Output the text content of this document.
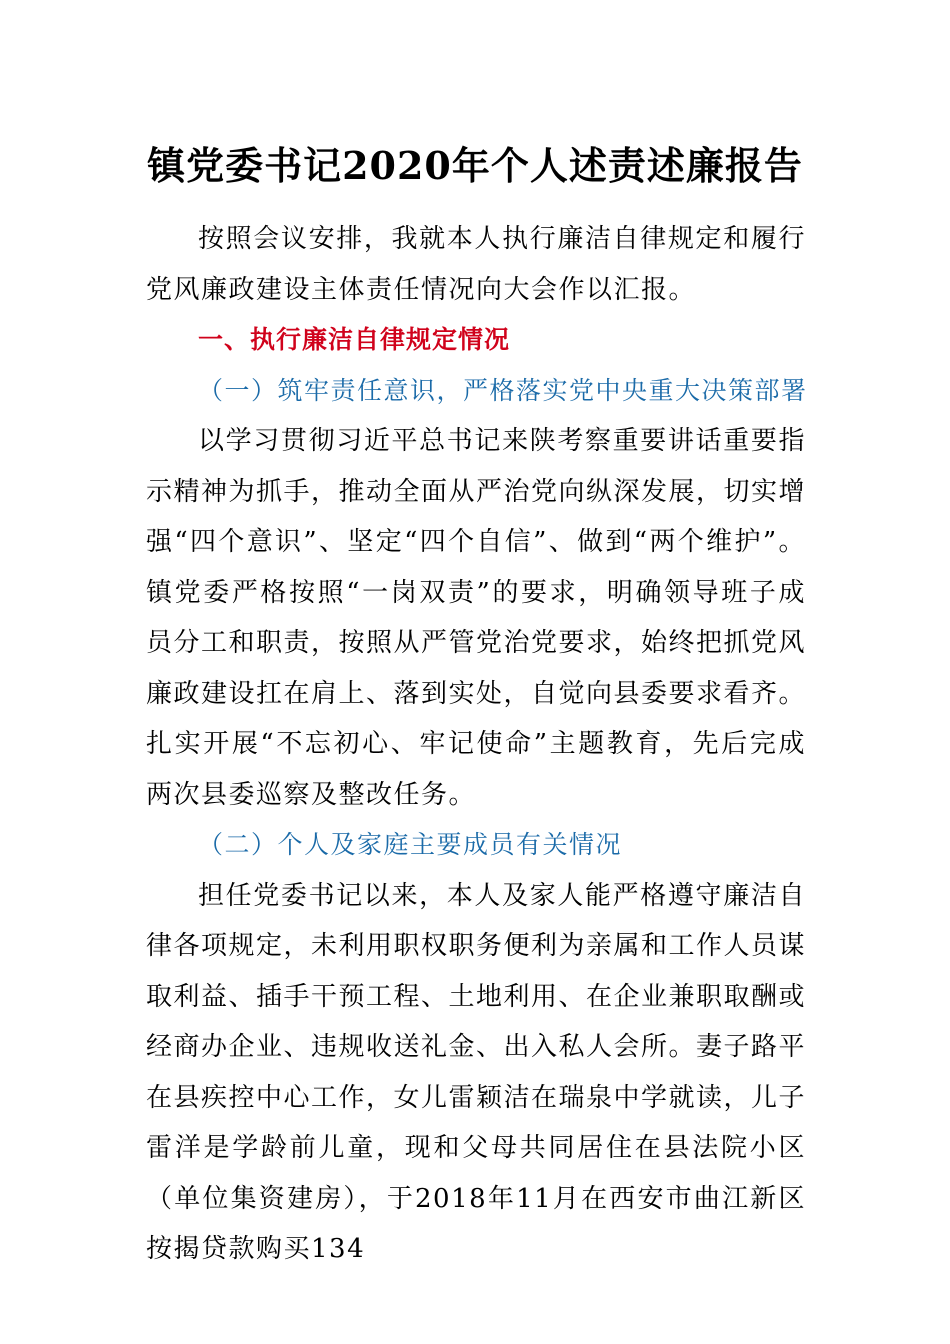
镇党委书记2020年个人述责述廉报告

按照会议安排，我就本人执行廉洁自律规定和履行党风廉政建设主体责任情况向大会作以汇报。

一、执行廉洁自律规定情况

（一）筑牢责任意识，严格落实党中央重大决策部署

以学习贯彻习近平总书记来陕考察重要讲话重要指示精神为抓手，推动全面从严治党向纵深发展，切实增强“四个意识”、坚定“四个自信”、做到“两个维护”。镇党委严格按照“一岗双责”的要求，明确领导班子成员分工和职责，按照从严管党治党要求，始终把抓党风廉政建设扛在肩上、落到实处，自觉向县委要求看齐。扎实开展“不忘初心、牢记使命”主题教育，先后完成两次县委巡察及整改任务。

（二）个人及家庭主要成员有关情况

担任党委书记以来，本人及家人能严格遵守廉洁自律各项规定，未利用职权职务便利为亲属和工作人员谋取利益、插手干预工程、土地利用、在企业兼职取酬或经商办企业、违规收送礼金、出入私人会所。妻子路平在县疾控中心工作，女儿雷颖洁在瑞泉中学就读，儿子雷洋是学龄前儿童，现和父母共同居住在县法院小区（单位集资建房），于2018年11月在西安市曲江新区按揭贷款购买134
